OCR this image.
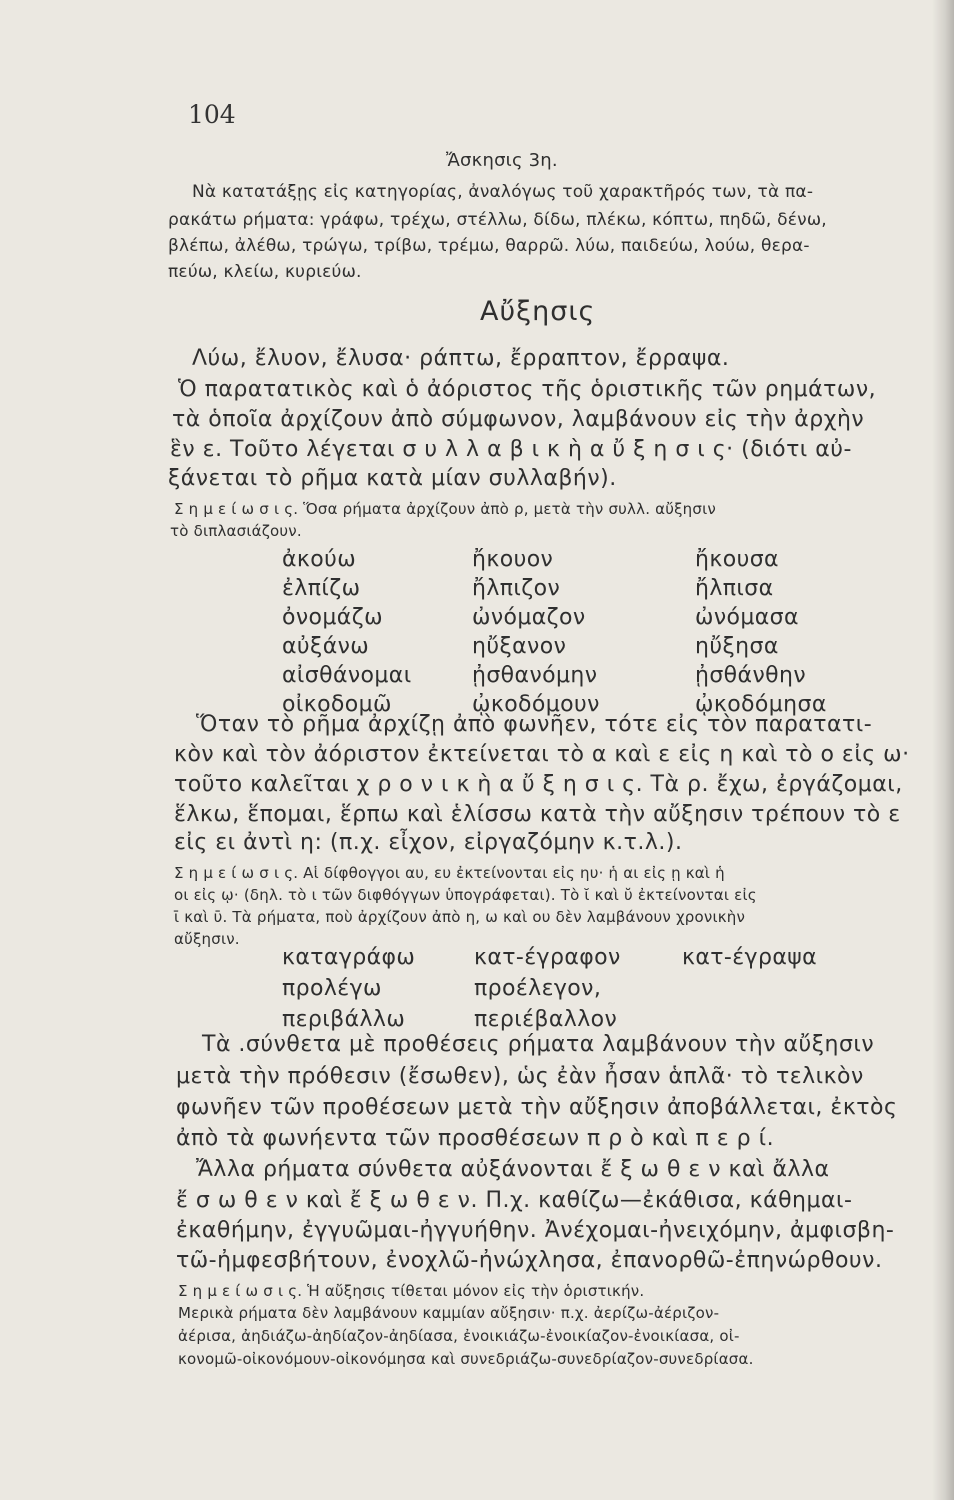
104
Ἄσκησις 3η.
Νὰ κατατάξῃς εἰς κατηγορίας, ἀναλόγως τοῦ χαρακτῆρός των, τὰ πα-
ρακάτω ρήματα: γράφω, τρέχω, στέλλω, δίδω, πλέκω, κόπτω, πηδῶ, δένω,
βλέπω, ἀλέθω, τρώγω, τρίβω, τρέμω, θαρρῶ. λύω, παιδεύω, λούω, θερα-
πεύω, κλείω, κυριεύω.
Αὔξησις
Λύω, ἔλυον, ἔλυσα· ράπτω, ἔρραπτον, ἔρραψα.
Ὁ παρατατικὸς καὶ ὁ ἀόριστος τῆς ὁριστικῆς τῶν ρημάτων,
τὰ ὁποῖα ἀρχίζουν ἀπὸ σύμφωνον, λαμβάνουν εἰς τὴν ἀρχὴν
ἓν ε. Τοῦτο λέγεται σ υ λ λ α β ι κ ὴ α ὔ ξ η σ ι ς· (διότι αὐ-
ξάνεται τὸ ρῆμα κατὰ μίαν συλλαβήν).
Σ η μ ε ί ω σ ι ς. Ὅσα ρήματα ἀρχίζουν ἀπὸ ρ, μετὰ τὴν συλλ. αὔξησιν
τὸ διπλασιάζουν.
ἀκούω
ἐλπίζω
ὀνομάζω
αὐξάνω
αἰσθάνομαι
οἰκοδομῶ
ἤκουον
ἤλπιζον
ὠνόμαζον
ηὔξανον
ᾐσθανόμην
ᾠκοδόμουν
ἤκουσα
ἤλπισα
ὠνόμασα
ηὔξησα
ᾐσθάνθην
ᾠκοδόμησα
Ὅταν τὸ ρῆμα ἀρχίζῃ ἀπὸ φωνῆεν, τότε εἰς τὸν παρατατι-
κὸν καὶ τὸν ἀόριστον ἐκτείνεται τὸ α καὶ ε εἰς η καὶ τὸ ο εἰς ω·
τοῦτο καλεῖται χ ρ ο ν ι κ ὴ α ὔ ξ η σ ι ς. Τὰ ρ. ἔχω, ἐργάζομαι,
ἕλκω, ἕπομαι, ἕρπω καὶ ἑλίσσω κατὰ τὴν αὔξησιν τρέπουν τὸ ε
εἰς ει ἀντὶ η: (π.χ. εἶχον, εἰργαζόμην κ.τ.λ.).
Σ η μ ε ί ω σ ι ς. Αἱ δίφθογγοι αυ, ευ ἐκτείνονται εἰς ηυ· ἡ αι εἰς ῃ καὶ ἡ
οι εἰς ῳ· (δηλ. τὸ ι τῶν διφθόγγων ὑπογράφεται). Τὸ ῐ καὶ ῠ ἐκτείνονται εἰς
ῑ καὶ ῡ. Τὰ ρήματα, ποὺ ἀρχίζουν ἀπὸ η, ω καὶ ου δὲν λαμβάνουν χρονικὴν
αὔξησιν.
καταγράφω
προλέγω
περιβάλλω
κατ-έγραφον
προέλεγον,
περιέβαλλον
κατ-έγραψα
Τὰ .σύνθετα μὲ προθέσεις ρήματα λαμβάνουν τὴν αὔξησιν
μετὰ τὴν πρόθεσιν (ἔσωθεν), ὡς ἐὰν ἦσαν ἁπλᾶ· τὸ τελικὸν
φωνῆεν τῶν προθέσεων μετὰ τὴν αὔξησιν ἀποβάλλεται, ἐκτὸς
ἀπὸ τὰ φωνήεντα τῶν προσθέσεων π ρ ὸ καὶ π ε ρ ί.
Ἄλλα ρήματα σύνθετα αὐξάνονται ἔ ξ ω θ ε ν καὶ ἄλλα
ἔ σ ω θ ε ν καὶ ἔ ξ ω θ ε ν. Π.χ. καθίζω—ἐκάθισα, κάθημαι-
ἐκαθήμην, ἐγγυῶμαι-ἠγγυήθην. Ἀνέχομαι-ἠνειχόμην, ἀμφισβη-
τῶ-ἠμφεσβήτουν, ἐνοχλῶ-ἠνώχλησα, ἐπανορθῶ-ἐπηνώρθουν.
Σ η μ ε ί ω σ ι ς. Ἡ αὔξησις τίθεται μόνον εἰς τὴν ὁριστικήν.
Μερικὰ ρήματα δὲν λαμβάνουν καμμίαν αὔξησιν· π.χ. ἀερίζω-ἀέριζον-
ἀέρισα, ἀηδιάζω-ἀηδίαζον-ἀηδίασα, ἐνοικιάζω-ἐνοικίαζον-ἐνοικίασα, οἰ-
κονομῶ-οἰκονόμουν-οἰκονόμησα καὶ συνεδριάζω-συνεδρίαζον-συνεδρίασα.
